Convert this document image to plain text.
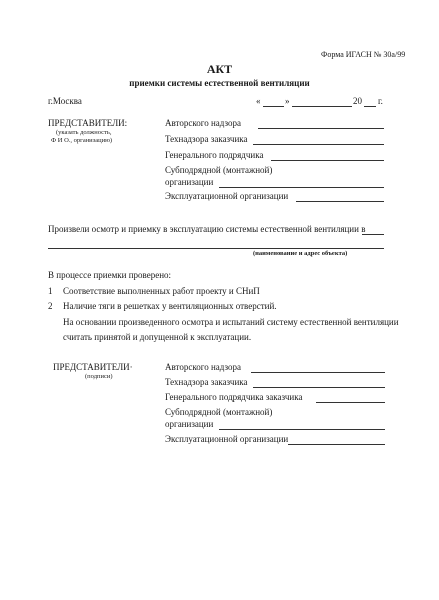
Форма ИГАСН № 30а/99
АКТ
приемки системы естественной вентиляции
г.Москва	«	»	20 г.
ПРЕДСТАВИТЕЛИ:
(указать должность,
Ф И О., организацию)
Авторского надзора
Технадзора заказчика
Генерального подрядчика
Субподрядной (монтажной)
организации
Эксплуатационной организации
Произвели осмотр и приемку в эксплуатацию системы естественной вентиляции в
(наименование и адрес объекта)
В процессе приемки проверено:
1 Соответствие выполненных работ проекту и СНиП
2 Наличие тяги в решетках у вентиляционных отверстий.
На основании произведенного осмотра и испытаний систему естественной вентиляции
считать принятой и допущенной к эксплуатации.
ПРЕДСТАВИТЕЛИ·
(подписи)
Авторского надзора
Технадзора заказчика
Генерального подрядчика заказчика
Субподрядной (монтажной)
организации
Эксплуатационной организации
